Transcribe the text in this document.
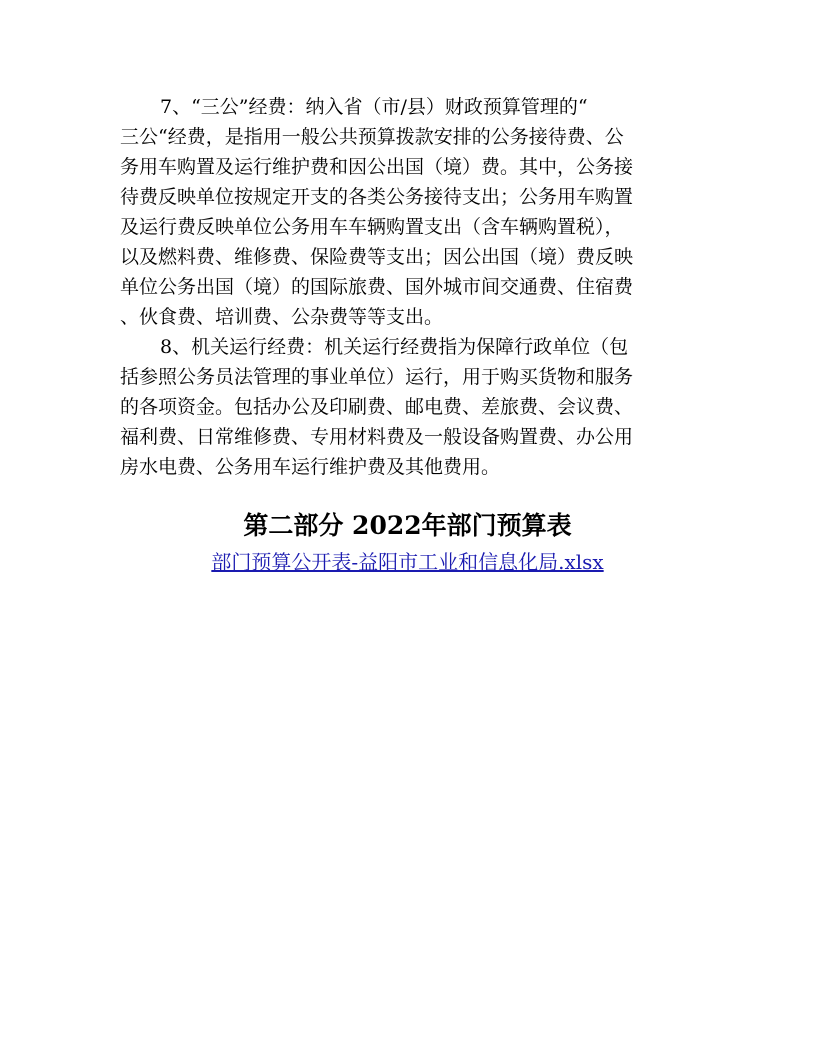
7、“三公”经费：纳入省（市/县）财政预算管理的“
三公“经费，是指用一般公共预算拨款安排的公务接待费、公
务用车购置及运行维护费和因公出国（境）费。其中，公务接
待费反映单位按规定开支的各类公务接待支出；公务用车购置
及运行费反映单位公务用车车辆购置支出（含车辆购置税），
以及燃料费、维修费、保险费等支出；因公出国（境）费反映
单位公务出国（境）的国际旅费、国外城市间交通费、住宿费
、伙食费、培训费、公杂费等等支出。

8、机关运行经费：机关运行经费指为保障行政单位（包
括参照公务员法管理的事业单位）运行，用于购买货物和服务
的各项资金。包括办公及印刷费、邮电费、差旅费、会议费、
福利费、日常维修费、专用材料费及一般设备购置费、办公用
房水电费、公务用车运行维护费及其他费用。

第二部分 2022年部门预算表
部门预算公开表-益阳市工业和信息化局.xlsx
